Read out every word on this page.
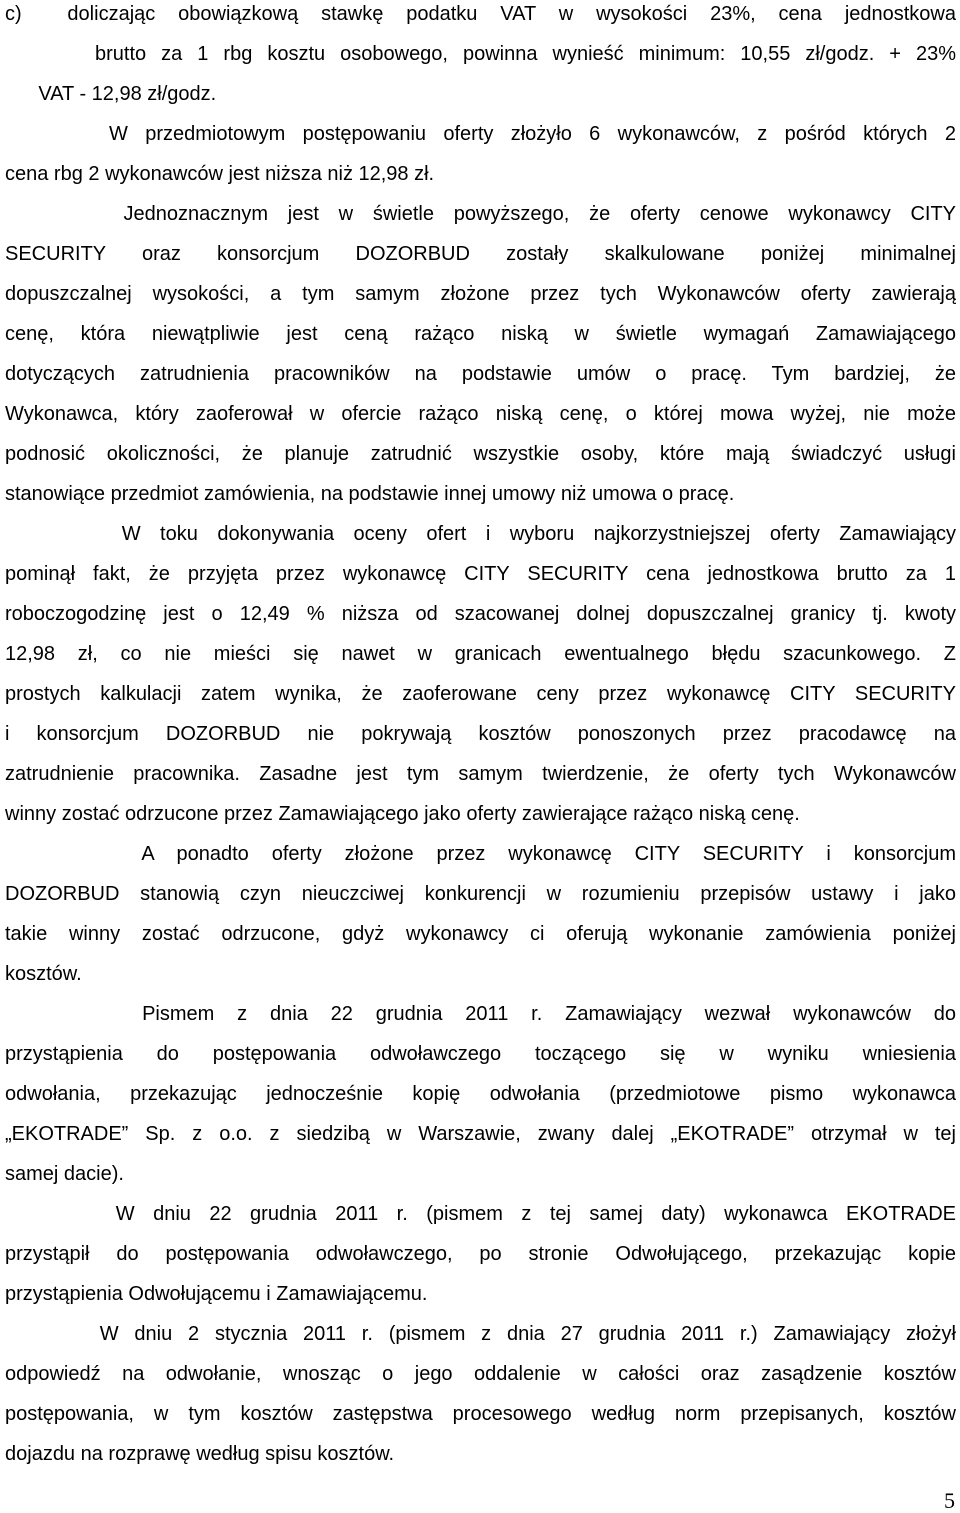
c)  doliczając obowiązkową stawkę podatku VAT w wysokości 23%, cena jednostkowa
brutto za 1 rbg kosztu osobowego, powinna wynieść minimum: 10,55 zł/godz. + 23%
VAT - 12,98 zł/godz.
W przedmiotowym postępowaniu oferty złożyło 6 wykonawców, z pośród których 2
cena rbg 2 wykonawców jest niższa niż 12,98 zł.
Jednoznacznym jest w świetle powyższego, że oferty cenowe wykonawcy CITY
SECURITY oraz konsorcjum DOZORBUD zostały skalkulowane poniżej minimalnej
dopuszczalnej wysokości, a tym samym złożone przez tych Wykonawców oferty zawierają
cenę, która niewątpliwie jest ceną rażąco niską w świetle wymagań Zamawiającego
dotyczących zatrudnienia pracowników na podstawie umów o pracę. Tym bardziej, że
Wykonawca, który zaoferował w ofercie rażąco niską cenę, o której mowa wyżej, nie może
podnosić okoliczności, że planuje zatrudnić wszystkie osoby, które mają świadczyć usługi
stanowiące przedmiot zamówienia, na podstawie innej umowy niż umowa o pracę.
W toku dokonywania oceny ofert i wyboru najkorzystniejszej oferty Zamawiający
pominął fakt, że przyjęta przez wykonawcę CITY SECURITY cena jednostkowa brutto za 1
roboczogodzinę jest o 12,49 % niższa od szacowanej dolnej dopuszczalnej granicy tj. kwoty
12,98 zł, co nie mieści się nawet w granicach ewentualnego błędu szacunkowego. Z
prostych kalkulacji zatem wynika, że zaoferowane ceny przez wykonawcę CITY SECURITY
i konsorcjum DOZORBUD nie pokrywają kosztów ponoszonych przez pracodawcę na
zatrudnienie pracownika. Zasadne jest tym samym twierdzenie, że oferty tych Wykonawców
winny zostać odrzucone przez Zamawiającego jako oferty zawierające rażąco niską cenę.
A ponadto oferty złożone przez wykonawcę CITY SECURITY i konsorcjum
DOZORBUD stanowią czyn nieuczciwej konkurencji w rozumieniu przepisów ustawy i jako
takie winny zostać odrzucone, gdyż wykonawcy ci oferują wykonanie zamówienia poniżej
kosztów.
Pismem z dnia 22 grudnia 2011 r. Zamawiający wezwał wykonawców do
przystąpienia do postępowania odwoławczego toczącego się w wyniku wniesienia
odwołania, przekazując jednocześnie kopię odwołania (przedmiotowe pismo wykonawca
„EKOTRADE” Sp. z o.o. z siedzibą w Warszawie, zwany dalej „EKOTRADE” otrzymał w tej
samej dacie).
W dniu 22 grudnia 2011 r. (pismem z tej samej daty) wykonawca EKOTRADE
przystąpił do postępowania odwoławczego, po stronie Odwołującego, przekazując kopie
przystąpienia Odwołującemu i Zamawiającemu.
W dniu 2 stycznia 2011 r. (pismem z dnia 27 grudnia 2011 r.) Zamawiający złożył
odpowiedź na odwołanie, wnosząc o jego oddalenie w całości oraz zasądzenie kosztów
postępowania, w tym kosztów zastępstwa procesowego według norm przepisanych, kosztów
dojazdu na rozprawę według spisu kosztów.
5
